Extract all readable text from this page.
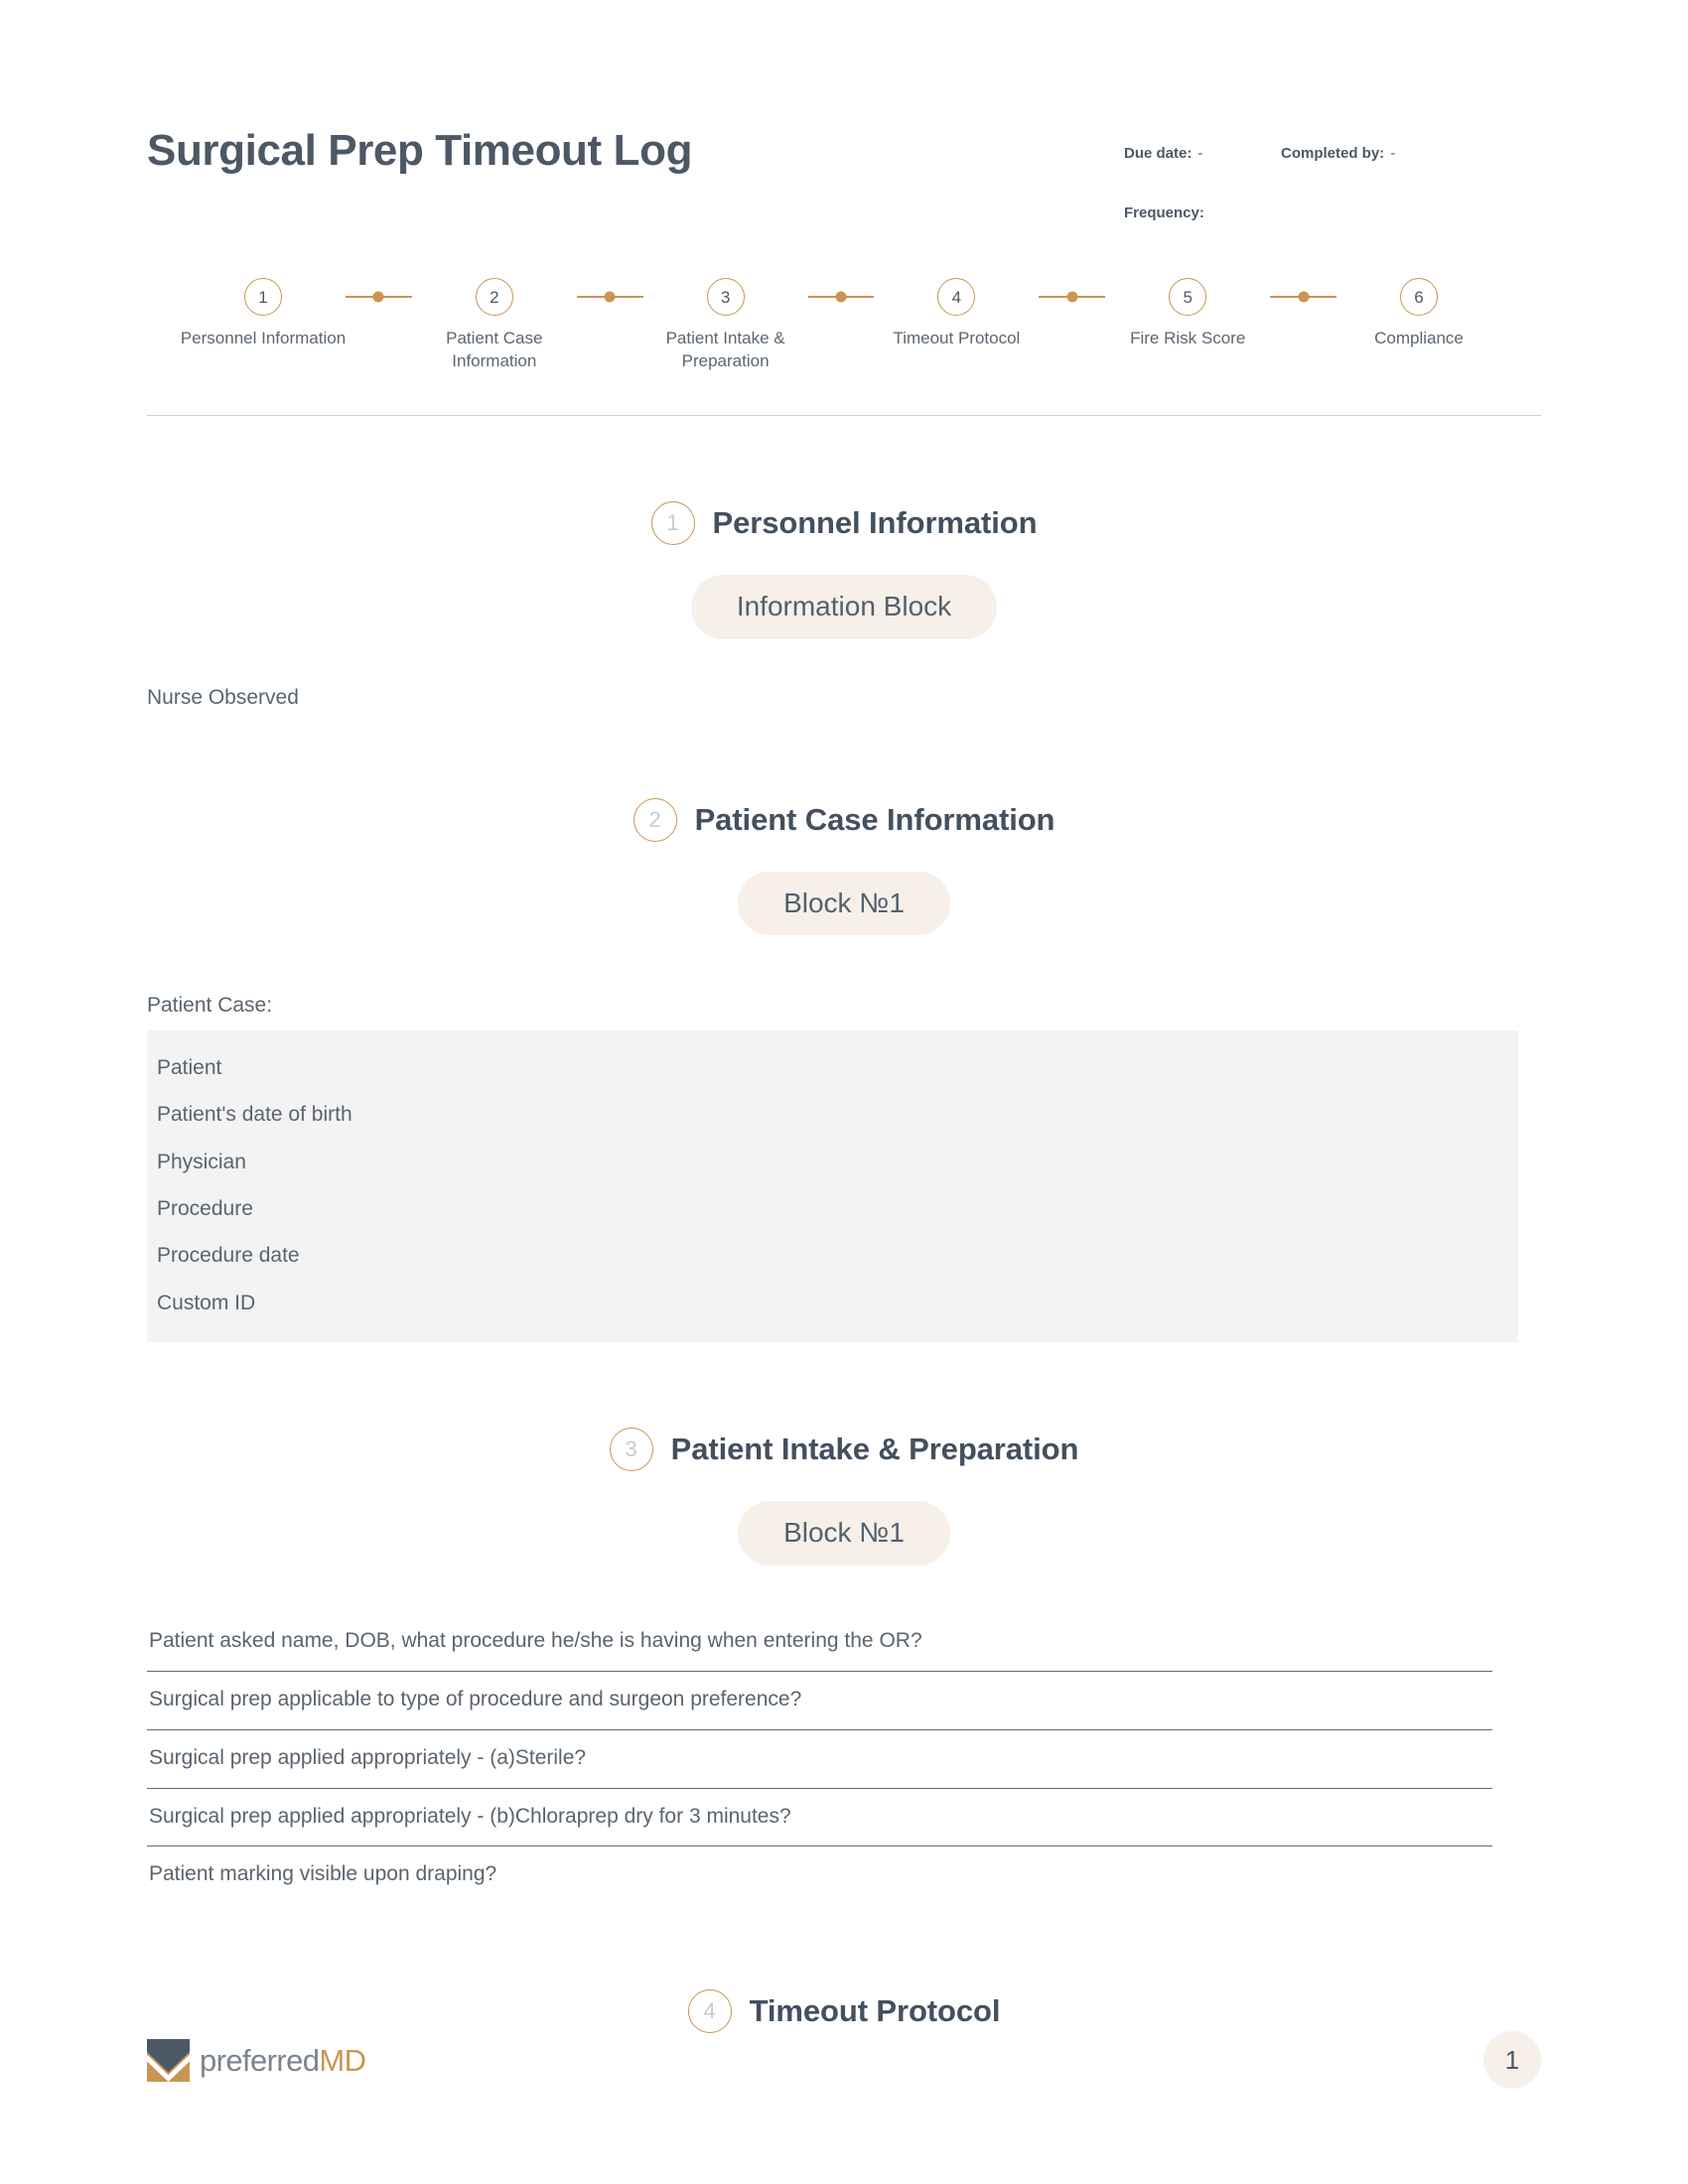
Surgical Prep Timeout Log	Due date: -	Completed by: -
Frequency:
1
Personnel Information
2
Patient Case Information
3
Patient Intake & Preparation
4
Timeout Protocol
5
Fire Risk Score
6
Compliance
1	Personnel Information
Information Block
Nurse Observed
2	Patient Case Information
Block №1
Patient Case:
Patient
Patient's date of birth
Physician
Procedure
Procedure date
Custom ID
3	Patient Intake & Preparation
Block №1
Patient asked name, DOB, what procedure he/she is having when entering the OR?
Surgical prep applicable to type of procedure and surgeon preference?
Surgical prep applied appropriately - (a)Sterile?
Surgical prep applied appropriately - (b)Chloraprep dry for 3 minutes?
Patient marking visible upon draping?
4	Timeout Protocol
preferredMD	1
